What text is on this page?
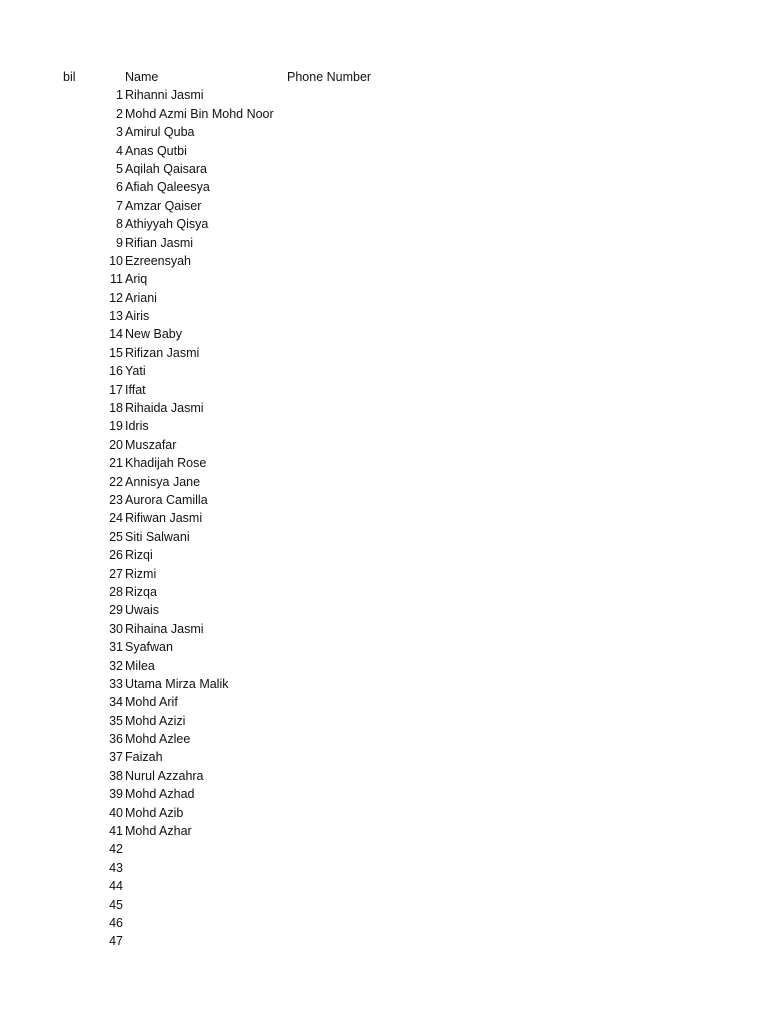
bil	Name	Phone Number
1 Rihanni Jasmi
2 Mohd Azmi Bin Mohd Noor
3 Amirul Quba
4 Anas Qutbi
5 Aqilah Qaisara
6 Afiah Qaleesya
7 Amzar Qaiser
8 Athiyyah Qisya
9 Rifian Jasmi
10 Ezreensyah
11 Ariq
12 Ariani
13 Airis
14 New Baby
15 Rifizan Jasmi
16 Yati
17 Iffat
18 Rihaida Jasmi
19 Idris
20 Muszafar
21 Khadijah Rose
22 Annisya Jane
23 Aurora Camilla
24 Rifiwan Jasmi
25 Siti Salwani
26 Rizqi
27 Rizmi
28 Rizqa
29 Uwais
30 Rihaina Jasmi
31 Syafwan
32 Milea
33 Utama Mirza Malik
34 Mohd Arif
35 Mohd Azizi
36 Mohd Azlee
37 Faizah
38 Nurul Azzahra
39 Mohd Azhad
40 Mohd Azib
41 Mohd Azhar
42
43
44
45
46
47
